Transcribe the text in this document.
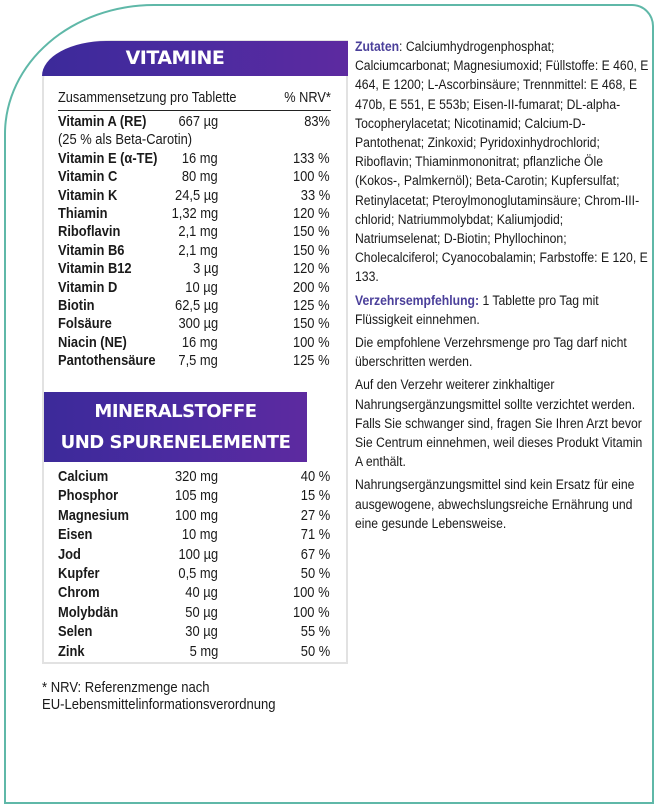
VITAMINE
Zusammensetzung pro Tablette	% NRV*
Vitamin A (RE) 667 µg	83%
(25 % als Beta-Carotin)
Vitamin E (α-TE) 16 mg	133 %
Vitamin C	80 mg	100 %
Vitamin K	24,5 µg	33 %
Thiamin	1,32 mg	120 %
Riboflavin	2,1 mg	150 %
Vitamin B6	2,1 mg	150 %
Vitamin B12	3 µg	120 %
Vitamin D	10 µg	200 %
Biotin	62,5 µg	125 %
Folsäure	300 µg	150 %
Niacin (NE)	16 mg	100 %
Pantothensäure 7,5 mg	125 %
MINERALSTOFFE
UND SPURENELEMENTE
Calcium	320 mg	40 %
Phosphor	105 mg	15 %
Magnesium	100 mg	27 %
Eisen	10 mg	71 %
Jod	100 µg	67 %
Kupfer	0,5 mg	50 %
Chrom	40 µg	100 %
Molybdän	50 µg	100 %
Selen	30 µg	55 %
Zink	5 mg	50 %
* NRV: Referenzmenge nach
EU-Lebensmittelinformationsverordnung

Zutaten: Calciumhydrogenphosphat; Calciumcarbonat; Magnesiumoxid; Füllstoffe: E 460, E 464, E 1200; L-Ascorbinsäure; Trennmittel: E 468, E 470b, E 551, E 553b; Eisen-II-fumarat; DL-alpha-Tocopherylacetat; Nicotinamid; Calcium-D-Pantothenat; Zinkoxid; Pyridoxinhydrochlorid; Riboflavin; Thiaminmononitrat; pflanzliche Öle (Kokos-, Palmkernöl); Beta-Carotin; Kupfersulfat; Retinylacetat; Pteroylmonoglutaminsäure; Chrom-III-chlorid; Natriummolybdat; Kaliumjodid; Natriumselenat; D-Biotin; Phyllochinon; Cholecalciferol; Cyanocobalamin; Farbstoffe: E 120, E 133.

Verzehrsempfehlung: 1 Tablette pro Tag mit Flüssigkeit einnehmen.

Die empfohlene Verzehrsmenge pro Tag darf nicht überschritten werden.

Auf den Verzehr weiterer zinkhaltiger Nahrungsergänzungsmittel sollte verzichtet werden. Falls Sie schwanger sind, fragen Sie Ihren Arzt bevor Sie Centrum einnehmen, weil dieses Produkt Vitamin A enthält.

Nahrungsergänzungsmittel sind kein Ersatz für eine ausgewogene, abwechslungsreiche Ernährung und eine gesunde Lebensweise.
